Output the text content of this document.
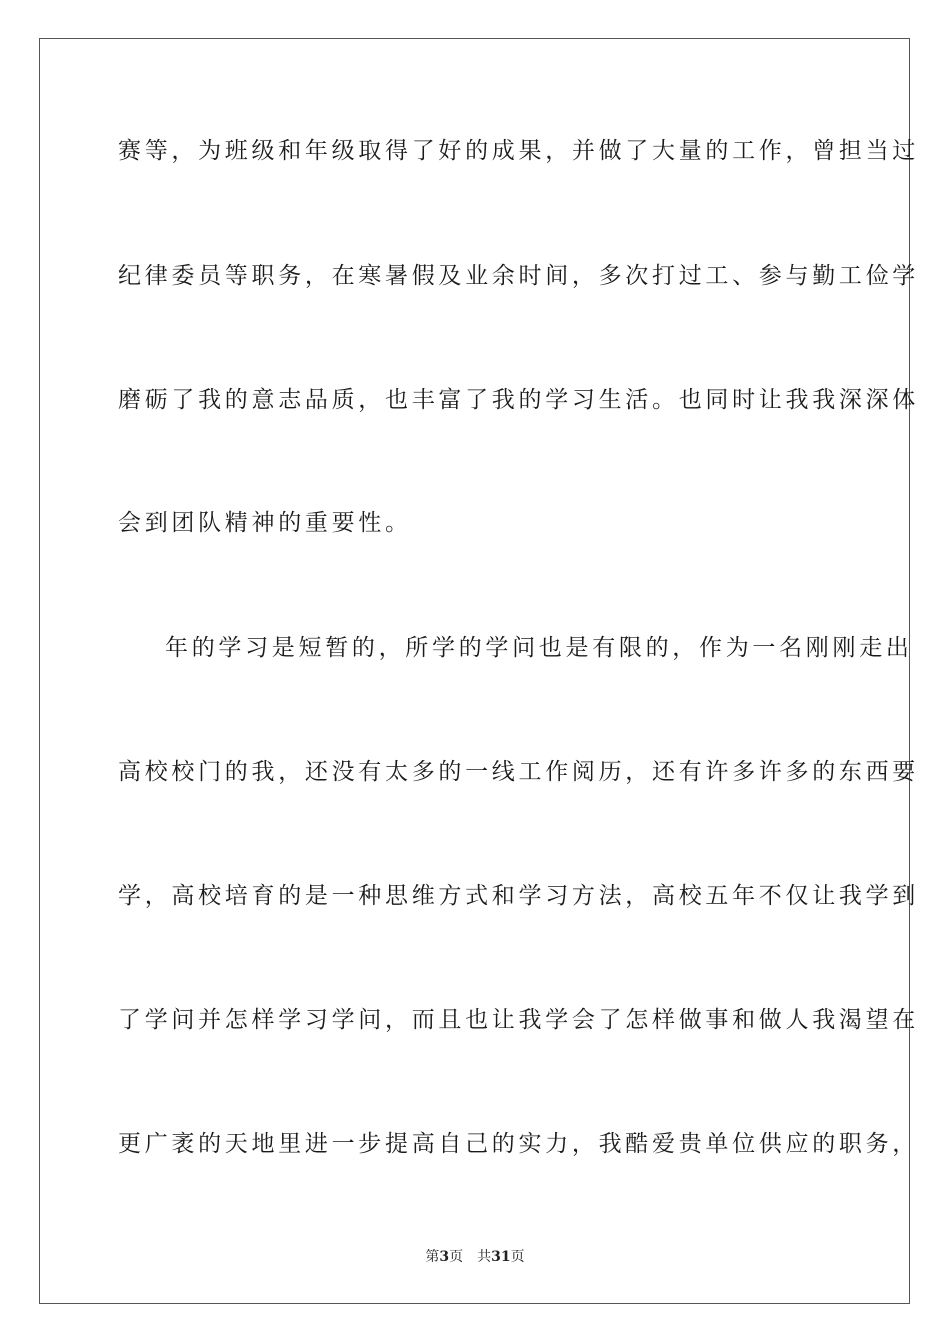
赛等，为班级和年级取得了好的成果，并做了大量的工作，曾担当过
纪律委员等职务，在寒暑假及业余时间，多次打过工、参与勤工俭学
磨砺了我的意志品质，也丰富了我的学习生活。也同时让我我深深体
会到团队精神的重要性。
年的学习是短暂的，所学的学问也是有限的，作为一名刚刚走出
高校校门的我，还没有太多的一线工作阅历，还有许多许多的东西要
学，高校培育的是一种思维方式和学习方法，高校五年不仅让我学到
了学问并怎样学习学问，而且也让我学会了怎样做事和做人我渴望在
更广袤的天地里进一步提高自己的实力，我酷爱贵单位供应的职务，
第3页 共31页
